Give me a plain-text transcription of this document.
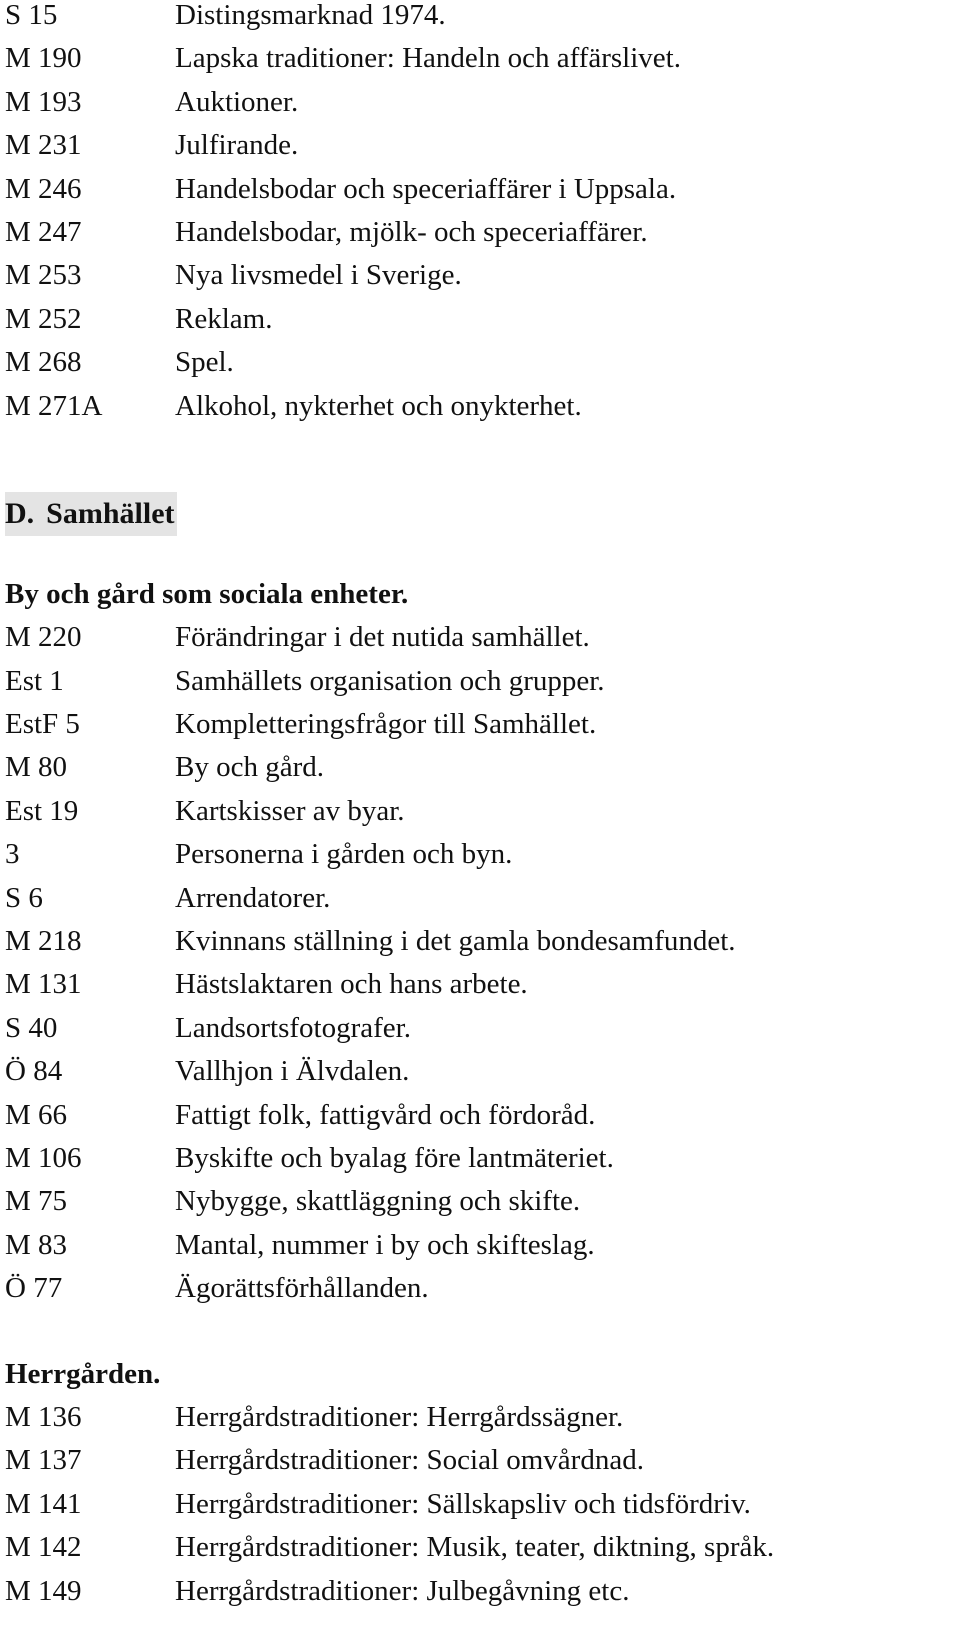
S 15	Distingsmarknad 1974.
M 190	Lapska traditioner: Handeln och affärslivet.
M 193	Auktioner.
M 231	Julfirande.
M 246	Handelsbodar och speceriaffärer i Uppsala.
M 247	Handelsbodar, mjölk- och speceriaffärer.
M 253	Nya livsmedel i Sverige.
M 252	Reklam.
M 268	Spel.
M 271A	Alkohol, nykterhet och onykterhet.
D. Samhället
By och gård som sociala enheter.
M 220	Förändringar i det nutida samhället.
Est 1	Samhällets organisation och grupper.
EstF 5	Kompletteringsfrågor till Samhället.
M 80	By och gård.
Est 19	Kartskisser av byar.
3	Personerna i gården och byn.
S 6	Arrendatorer.
M 218	Kvinnans ställning i det gamla bondesamfundet.
M 131	Hästslaktaren och hans arbete.
S 40	Landsortsfotografer.
Ö 84	Vallhjon i Älvdalen.
M 66	Fattigt folk, fattigvård och fördoråd.
M 106	Byskifte och byalag före lantmäteriet.
M 75	Nybygge, skattläggning och skifte.
M 83	Mantal, nummer i by och skifteslag.
Ö 77	Ägorättsförhållanden.
Herrgården.
M 136	Herrgårdstraditioner: Herrgårdssägner.
M 137	Herrgårdstraditioner: Social omvårdnad.
M 141	Herrgårdstraditioner: Sällskapsliv och tidsfördriv.
M 142	Herrgårdstraditioner: Musik, teater, diktning, språk.
M 149	Herrgårdstraditioner: Julbegåvning etc.
